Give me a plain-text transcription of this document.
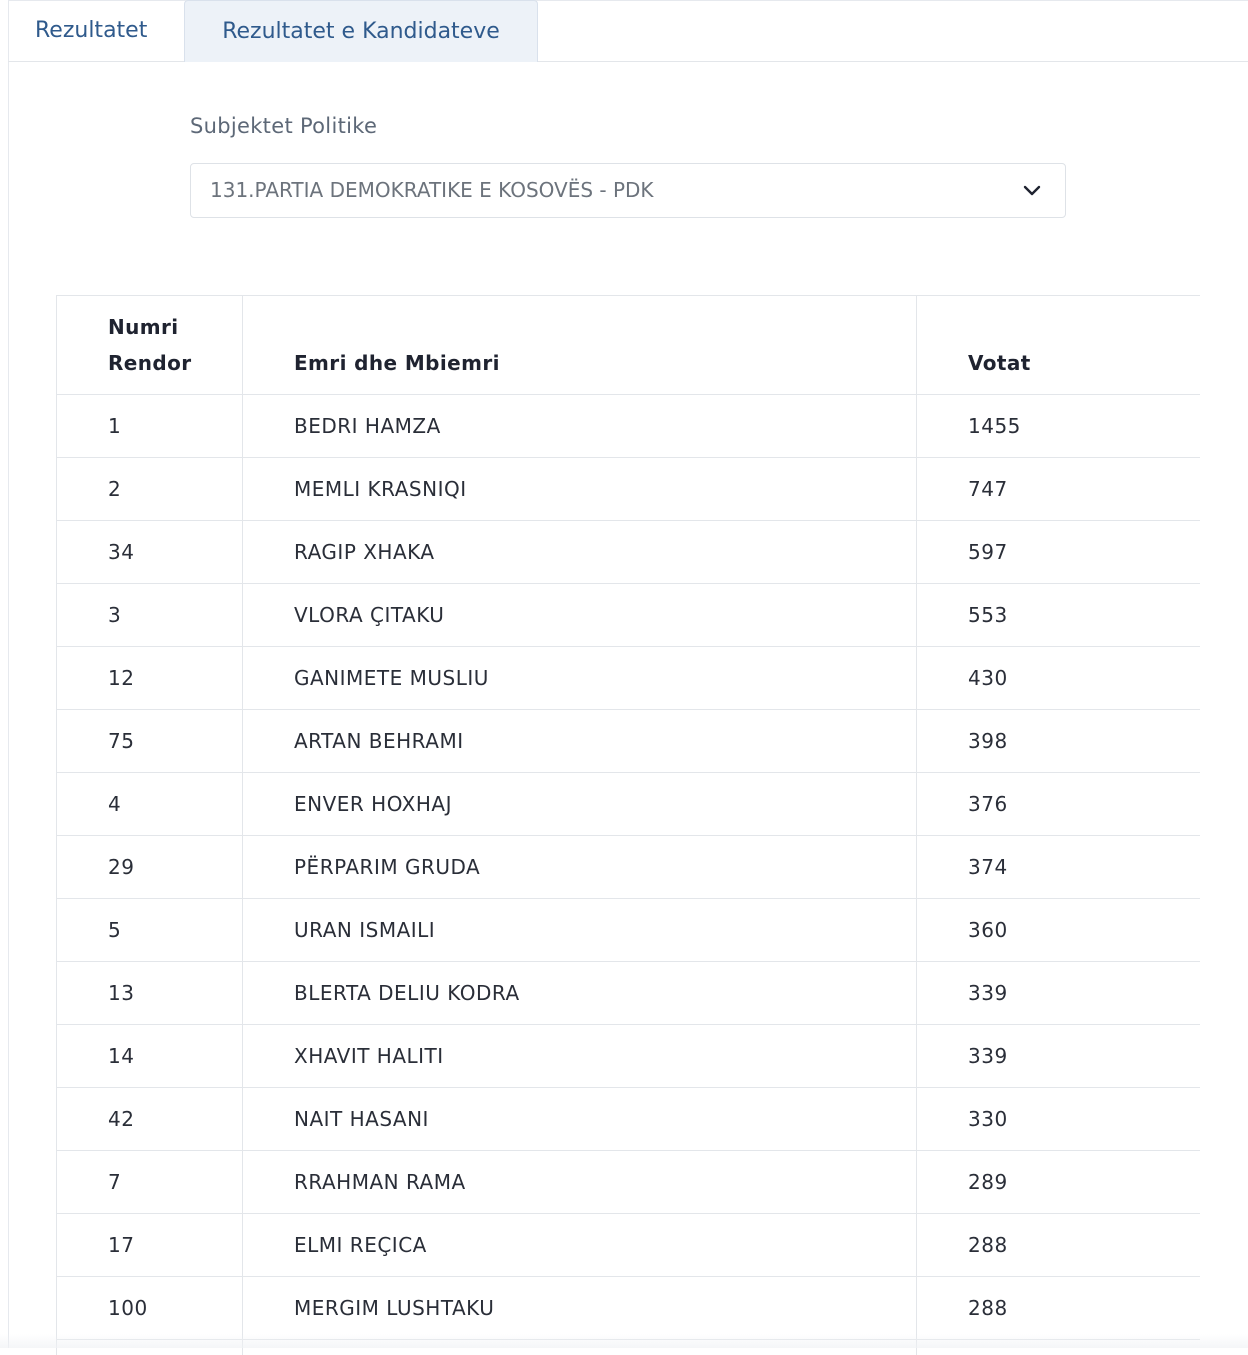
Rezultatet	Rezultatet e Kandidateve
Subjektet Politike
131.PARTIA DEMOKRATIKE E KOSOVËS - PDK
Numri
Rendor	Emri dhe Mbiemri	Votat
1	BEDRI HAMZA	1455
2	MEMLI KRASNIQI	747
34	RAGIP XHAKA	597
3	VLORA ÇITAKU	553
12	GANIMETE MUSLIU	430
75	ARTAN BEHRAMI	398
4	ENVER HOXHAJ	376
29	PËRPARIM GRUDA	374
5	URAN ISMAILI	360
13	BLERTA DELIU KODRA	339
14	XHAVIT HALITI	339
42	NAIT HASANI	330
7	RRAHMAN RAMA	289
17	ELMI REÇICA	288
100	MERGIM LUSHTAKU	288
